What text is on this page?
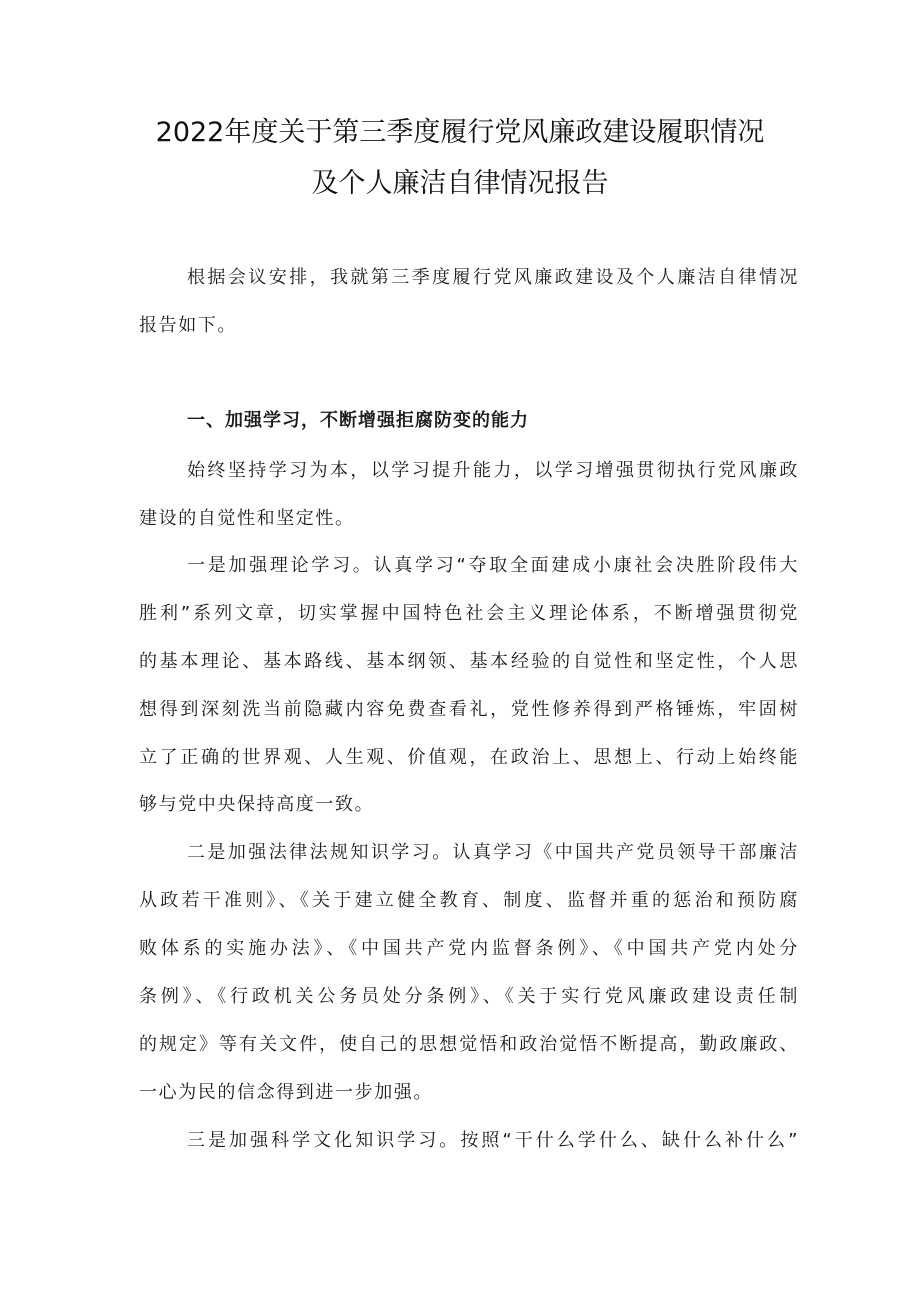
2022年度关于第三季度履行党风廉政建设履职情况
及个人廉洁自律情况报告
根据会议安排，我就第三季度履行党风廉政建设及个人廉洁自律情况
报告如下。
一、加强学习，不断增强拒腐防变的能力
始终坚持学习为本，以学习提升能力，以学习增强贯彻执行党风廉政
建设的自觉性和坚定性。
一是加强理论学习。认真学习“夺取全面建成小康社会决胜阶段伟大
胜利”系列文章，切实掌握中国特色社会主义理论体系，不断增强贯彻党
的基本理论、基本路线、基本纲领、基本经验的自觉性和坚定性，个人思
想得到深刻洗当前隐藏内容免费查看礼，党性修养得到严格锤炼，牢固树
立了正确的世界观、人生观、价值观，在政治上、思想上、行动上始终能
够与党中央保持高度一致。
二是加强法律法规知识学习。认真学习《中国共产党员领导干部廉洁
从政若干准则》、《关于建立健全教育、制度、监督并重的惩治和预防腐
败体系的实施办法》、《中国共产党内监督条例》、《中国共产党内处分
条例》、《行政机关公务员处分条例》、《关于实行党风廉政建设责任制
的规定》等有关文件，使自己的思想觉悟和政治觉悟不断提高，勤政廉政、
一心为民的信念得到进一步加强。
三是加强科学文化知识学习。按照“干什么学什么、缺什么补什么”
